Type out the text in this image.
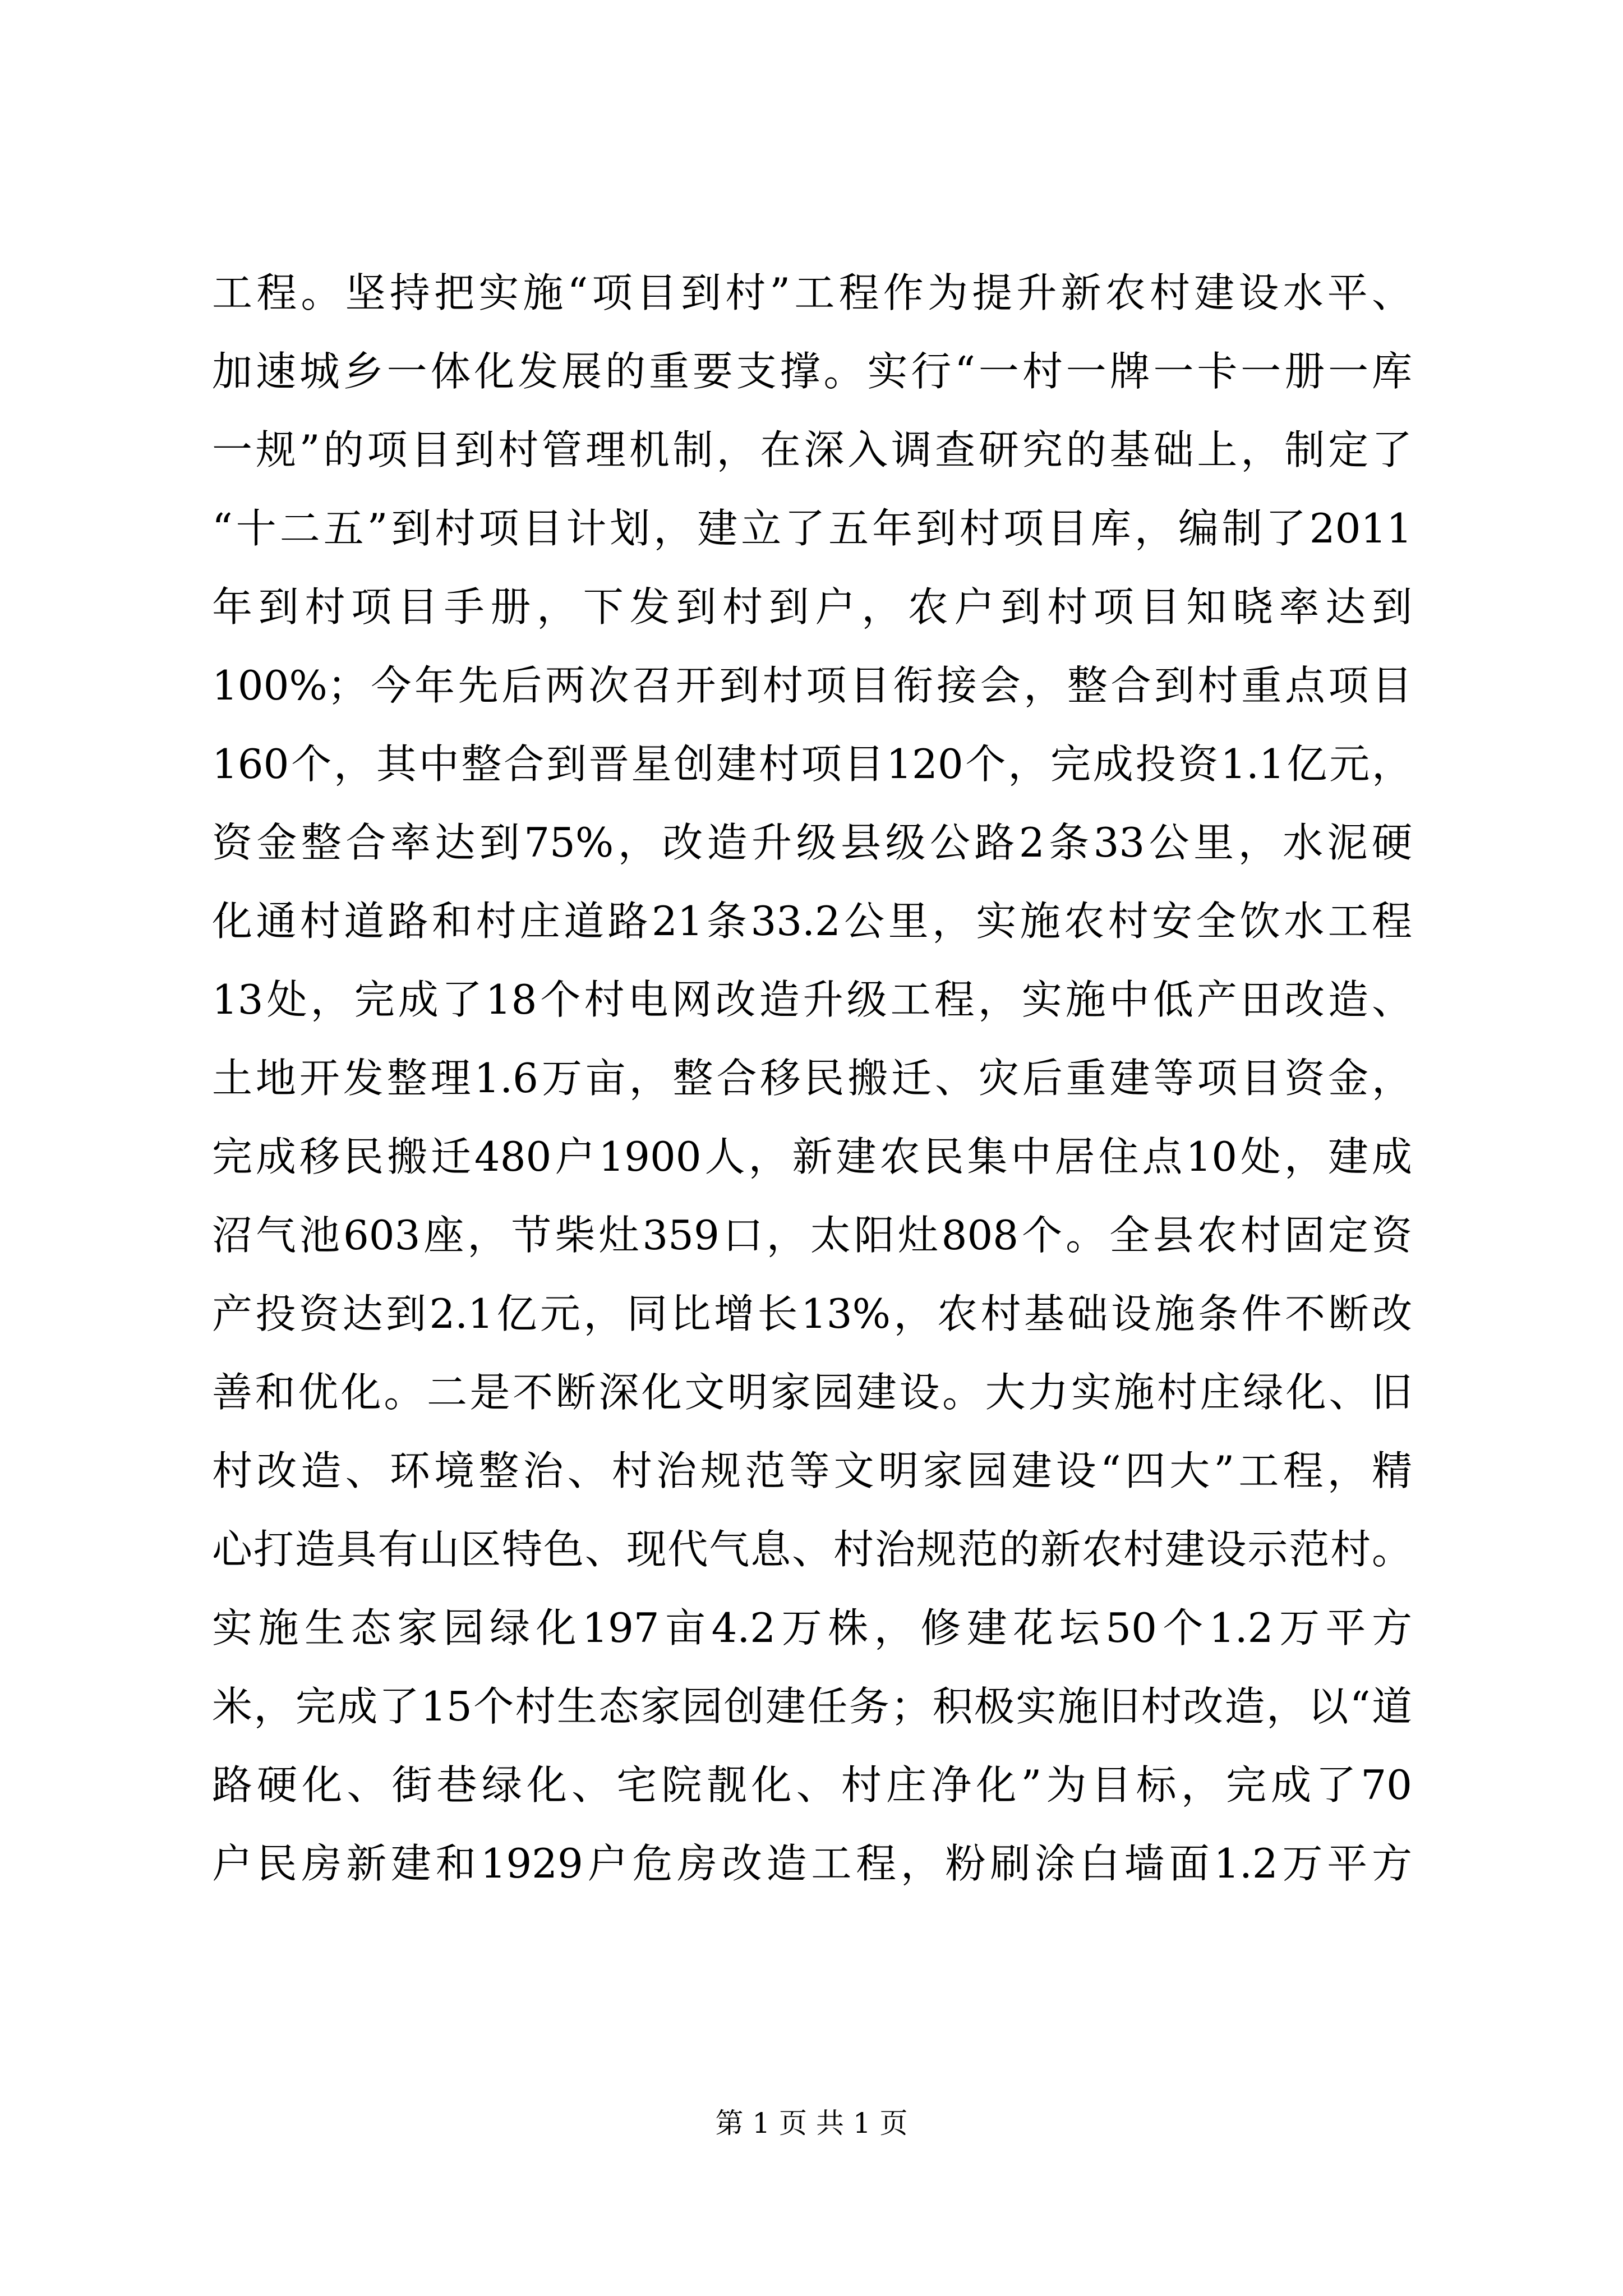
工程。坚持把实施“项目到村”工程作为提升新农村建设水平、
加速城乡一体化发展的重要支撑。实行“一村一牌一卡一册一库
一规”的项目到村管理机制，在深入调查研究的基础上，制定了
“十二五”到村项目计划，建立了五年到村项目库，编制了2011
年到村项目手册，下发到村到户，农户到村项目知晓率达到
100%；今年先后两次召开到村项目衔接会，整合到村重点项目
160个，其中整合到晋星创建村项目120个，完成投资1.1亿元，
资金整合率达到75%，改造升级县级公路2条33公里，水泥硬
化通村道路和村庄道路21条33.2公里，实施农村安全饮水工程
13处，完成了18个村电网改造升级工程，实施中低产田改造、
土地开发整理1.6万亩，整合移民搬迁、灾后重建等项目资金，
完成移民搬迁480户1900人，新建农民集中居住点10处，建成
沼气池603座，节柴灶359口，太阳灶808个。全县农村固定资
产投资达到2.1亿元，同比增长13%，农村基础设施条件不断改
善和优化。二是不断深化文明家园建设。大力实施村庄绿化、旧
村改造、环境整治、村治规范等文明家园建设“四大”工程，精
心打造具有山区特色、现代气息、村治规范的新农村建设示范村。
实施生态家园绿化197亩4.2万株，修建花坛50个1.2万平方
米，完成了15个村生态家园创建任务；积极实施旧村改造，以“道
路硬化、街巷绿化、宅院靓化、村庄净化”为目标，完成了70
户民房新建和1929户危房改造工程，粉刷涂白墙面1.2万平方
第 1 页 共 1 页
